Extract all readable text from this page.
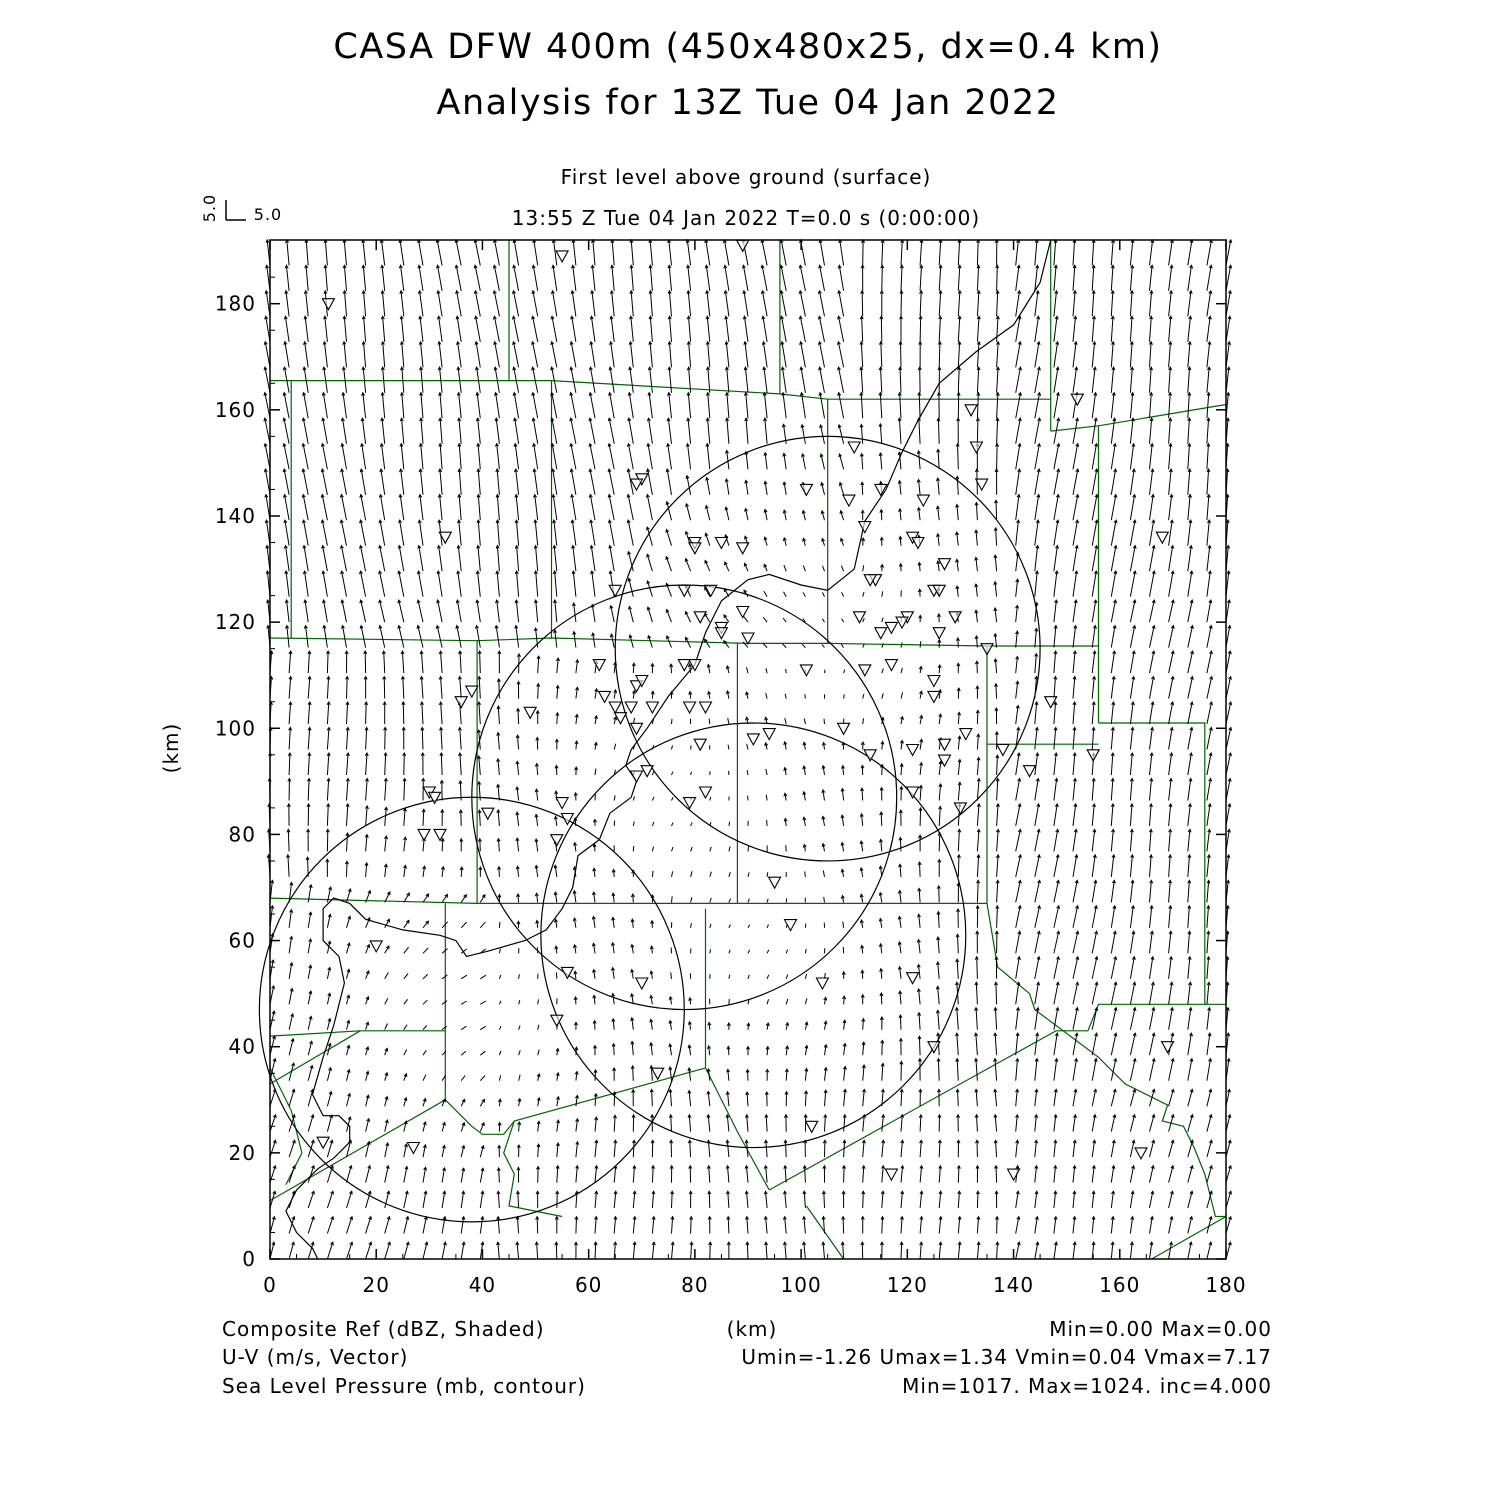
CASA DFW 400m (450x480x25, dx=0.4 km)
Analysis for 13Z Tue 04 Jan 2022
First level above ground (surface)
13:55 Z Tue 04 Jan 2022 T=0.0 s (0:00:00)
5.0 5.0
0	20	40	60	80	100	120	140	160	180
0
20
40
60
80
100
120
140
160
180
(km)
Composite Ref (dBZ, Shaded)
U-V (m/s, Vector)
Sea Level Pressure (mb, contour)
(km)	Min=0.00 Max=0.00
Umin=-1.26 Umax=1.34 Vmin=0.04 Vmax=7.17
Min=1017. Max=1024. inc=4.000
